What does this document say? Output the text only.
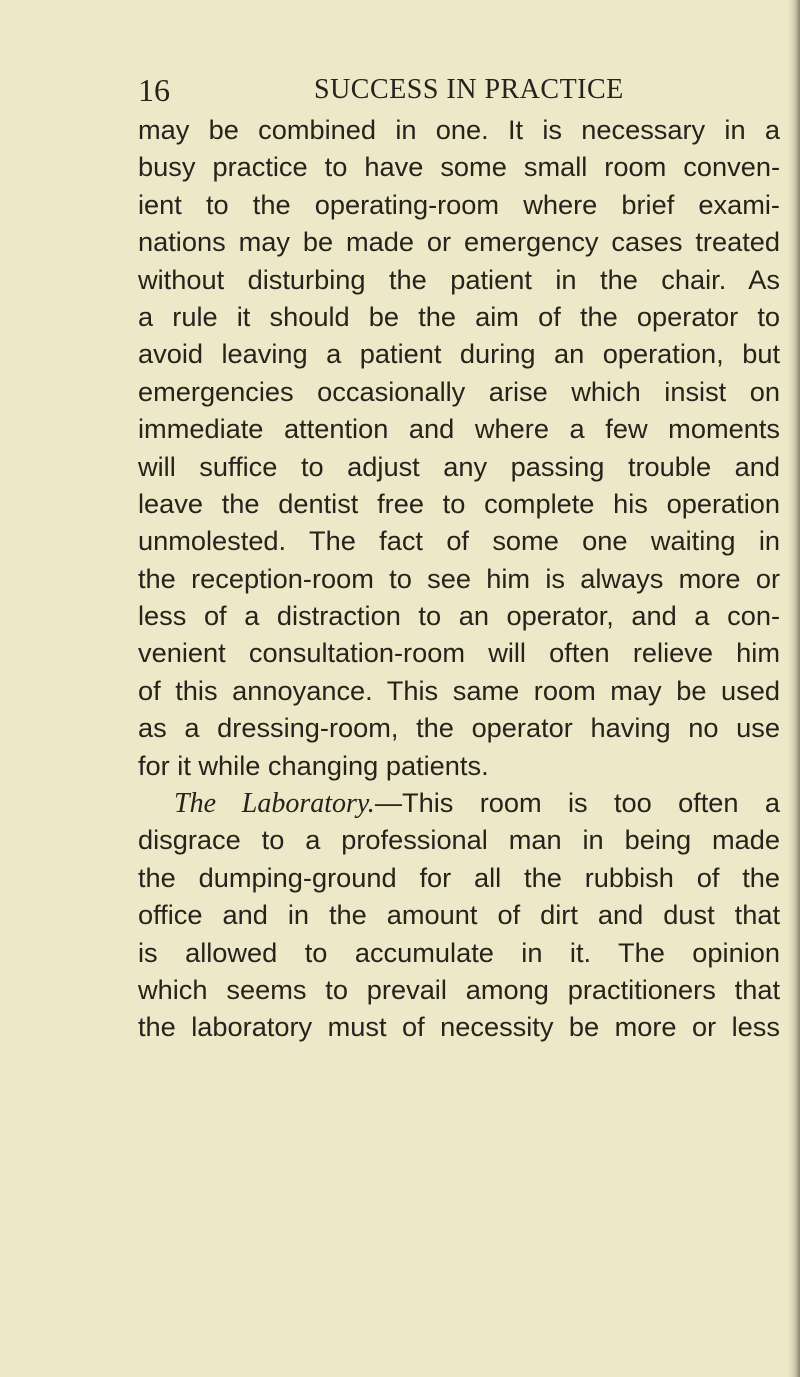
16	SUCCESS IN PRACTICE
may be combined in one. It is necessary in a
busy practice to have some small room conven-
ient to the operating-room where brief exami-
nations may be made or emergency cases treated
without disturbing the patient in the chair. As
a rule it should be the aim of the operator to
avoid leaving a patient during an operation, but
emergencies occasionally arise which insist on
immediate attention and where a few moments
will suffice to adjust any passing trouble and
leave the dentist free to complete his operation
unmolested. The fact of some one waiting in
the reception-room to see him is always more or
less of a distraction to an operator, and a con-
venient consultation-room will often relieve him
of this annoyance. This same room may be used
as a dressing-room, the operator having no use
for it while changing patients.
The Laboratory.—This room is too often a
disgrace to a professional man in being made
the dumping-ground for all the rubbish of the
office and in the amount of dirt and dust that
is allowed to accumulate in it. The opinion
which seems to prevail among practitioners that
the laboratory must of necessity be more or less
